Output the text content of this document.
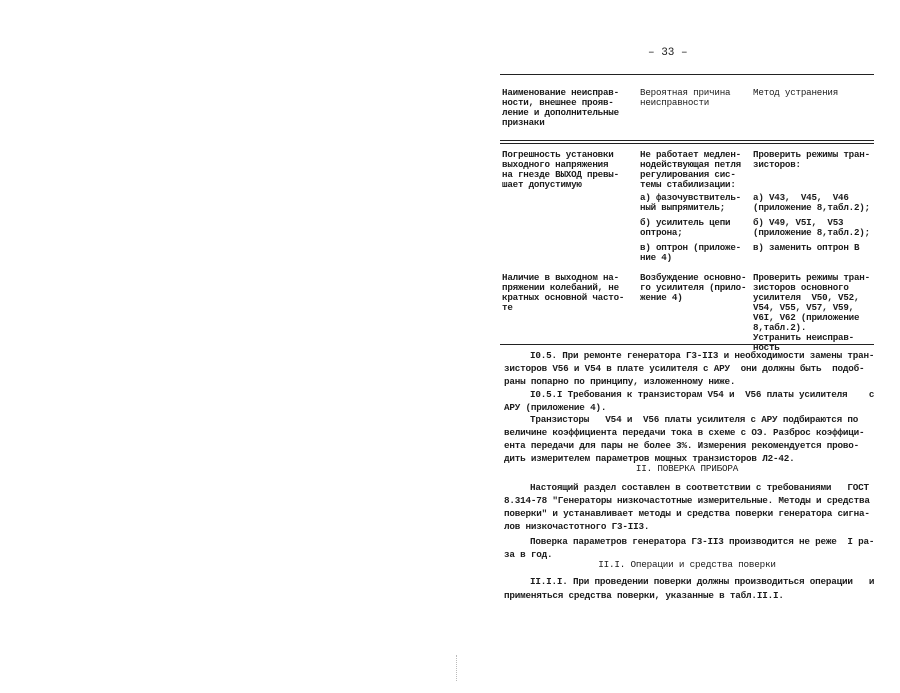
– 33 –
Наименование неисправ-
ности, внешнее прояв-
ление и дополнительные
признаки
Вероятная причина
неисправности
Метод устранения
Погрешность установки
выходного напряжения
на гнезде ВЫХОД превы-
шает допустимую
Не работает медлен-
нодействующая петля
регулирования сис-
темы стабилизации:
Проверить режимы тран-
зисторов:
а) фазочувствитель-
ный выпрямитель;
а) V43,  V45,  V46
(приложение 8,табл.2);
б) усилитель цепи
оптрона;
б) V49, V5I,  V53
(приложение 8,табл.2);
в) оптрон (приложе-
ние 4)
в) заменить оптрон В
Наличие в выходном на-
пряжении колебаний, не
кратных основной часто-
те
Возбуждение основно-
го усилителя (прило-
жение 4)
Проверить режимы тран-
зисторов основного
усилителя  V50, V52,
V54, V55, V57, V59,
V6I, V62 (приложение
8,табл.2).
Устранить неисправ-
ность
I0.5. При ремонте генератора Г3-II3 и необходимости замены тран-
зисторов V56 и V54 в плате усилителя с АРУ  они должны быть  подоб-
раны попарно по принципу, изложенному ниже.
I0.5.I Требования к транзисторам V54 и  V56 платы усилителя    с
АРУ (приложение 4).
Транзисторы   V54 и  V56 платы усилителя с АРУ подбираются по
величине коэффициента передачи тока в схеме с ОЭ. Разброс коэффици-
ента передачи для пары не более 3%. Измерения рекомендуется прово-
дить измерителем параметров мощных транзисторов Л2-42.
II. ПОВЕРКА ПРИБОРА
Настоящий раздел составлен в соответствии с требованиями   ГОСТ
8.314-78 "Генераторы низкочастотные измерительные. Методы и средства
поверки" и устанавливает методы и средства поверки генератора сигна-
лов низкочастотного Г3-II3.
Поверка параметров генератора Г3-II3 производится не реже  I ра-
за в год.
II.I. Операции и средства поверки
II.I.I. При проведении поверки должны производиться операции   и
применяться средства поверки, указанные в табл.II.I.
